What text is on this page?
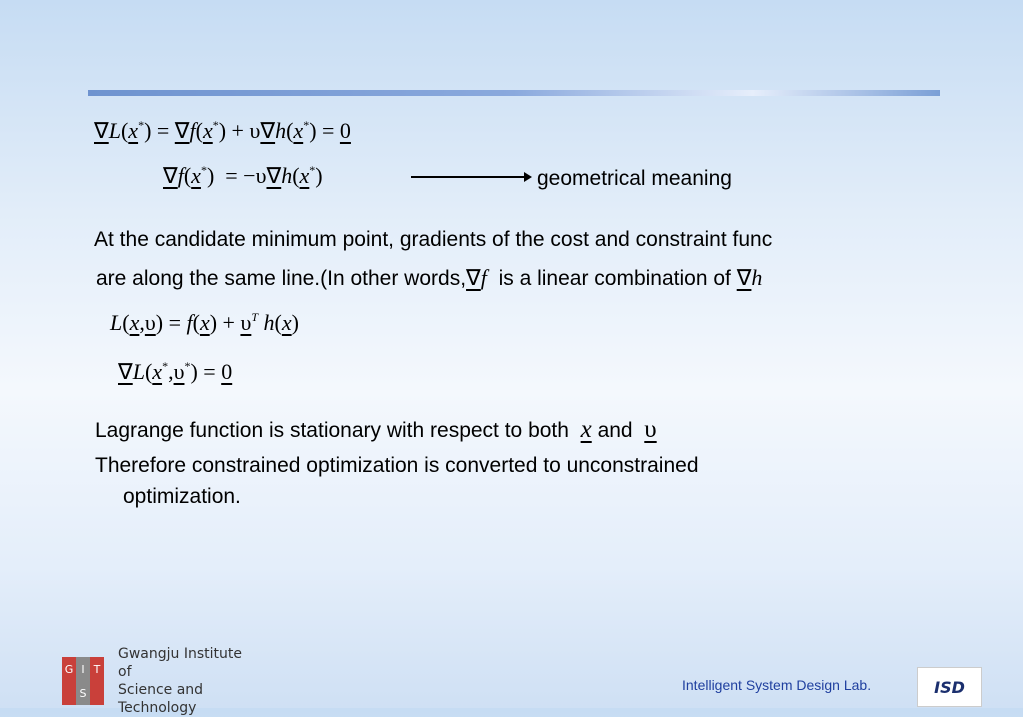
∇L(x*) = ∇f(x*) + υ∇h(x*) = 0
∇f(x*)  = −υ∇h(x*)	geometrical meaning
At the candidate minimum point, gradients of the cost and constraint func
are along the same line.(In other words,∇f is a linear combination of ∇h
$L(x,\upsilon) = f(x) + \upsilon^T$ h(x)
∇L(x*,υ*) = 0
Lagrange function is stationary with respect to both x and υ
Therefore constrained optimization is converted to unconstrained
optimization.
G I T
S
Gwangju Institute of
Science and Technology
Intelligent System Design Lab.	ISD
